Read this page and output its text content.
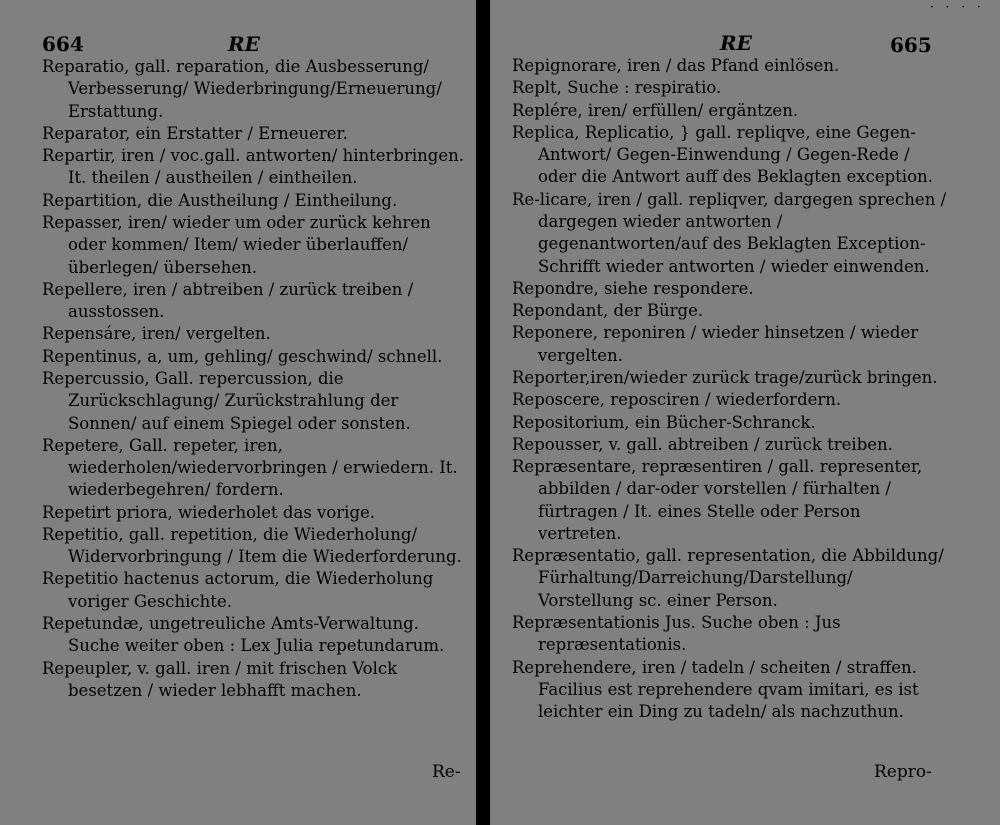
664	RE

Reparatio, gall. reparation, die Ausbesserung/ Verbesserung/ Wiederbringung/Erneuerung/ Erstattung.

Reparator, ein Erstatter / Erneuerer.

Repartir, iren / voc.gall. antworten/ hinterbringen. It. theilen / austheilen / eintheilen.

Repartition, die Austheilung / Eintheilung.

Repasser, iren/ wieder um oder zurück kehren oder kommen/ Item/ wieder überlauffen/überlegen/ übersehen.

Repellere, iren / abtreiben / zurück treiben / ausstossen.

Repensáre, iren/ vergelten.

Repentinus, a, um, gehling/ geschwind/ schnell.

Repercussio, Gall. repercussion, die Zurückschlagung/ Zurückstrahlung der Sonnen/ auf einem Spiegel oder sonsten.

Repetere, Gall. repeter, iren, wiederholen/wiedervorbringen / erwiedern. It. wiederbegehren/ fordern.

Repetirt priora, wiederholet das vorige.

Repetitio, gall. repetition, die Wiederholung/ Widervorbringung / Item die Wiederforderung.

Repetitio hactenus actorum, die Wiederholung voriger Geschichte.

Repetundæ, ungetreuliche Amts-Verwaltung. Suche weiter oben : Lex Julia repetundarum.

Repeupler, v. gall. iren / mit frischen Volck besetzen / wieder lebhafft machen.

Re-
· · · ·
RE	665

Repignorare, iren / das Pfand einlösen.

Replt, Suche : respiratio.

Replére, iren/ erfüllen/ ergäntzen.

Replica, Replicatio, } gall. repliqve, eine Gegen-Antwort/ Gegen-Einwendung / Gegen-Rede / oder die Antwort auff des Beklagten exception.

Re-licare, iren / gall. repliqver, dargegen sprechen / dargegen wieder antworten / gegenantworten/auf des Beklagten Exception-Schrifft wieder antworten / wieder einwenden.

Repondre, siehe respondere.

Repondant, der Bürge.

Reponere, reponiren / wieder hinsetzen / wieder vergelten.

Reporter,iren/wieder zurück trage/zurück bringen.

Reposcere, reposciren / wiederfordern.

Repositorium, ein Bücher-Schranck.

Repousser, v. gall. abtreiben / zurück treiben.

Repræsentare, repræsentiren / gall. representer, abbilden / dar-oder vorstellen / fürhalten / fürtragen / It. eines Stelle oder Person vertreten.

Repræsentatio, gall. representation, die Abbildung/ Fürhaltung/Darreichung/Darstellung/ Vorstellung sc. einer Person.

Repræsentationis Jus. Suche oben : Jus repræsentationis.

Reprehendere, iren / tadeln / scheiten / straffen. Facilius est reprehendere qvam imitari, es ist leichter ein Ding zu tadeln/ als nachzuthun.

Repro-
